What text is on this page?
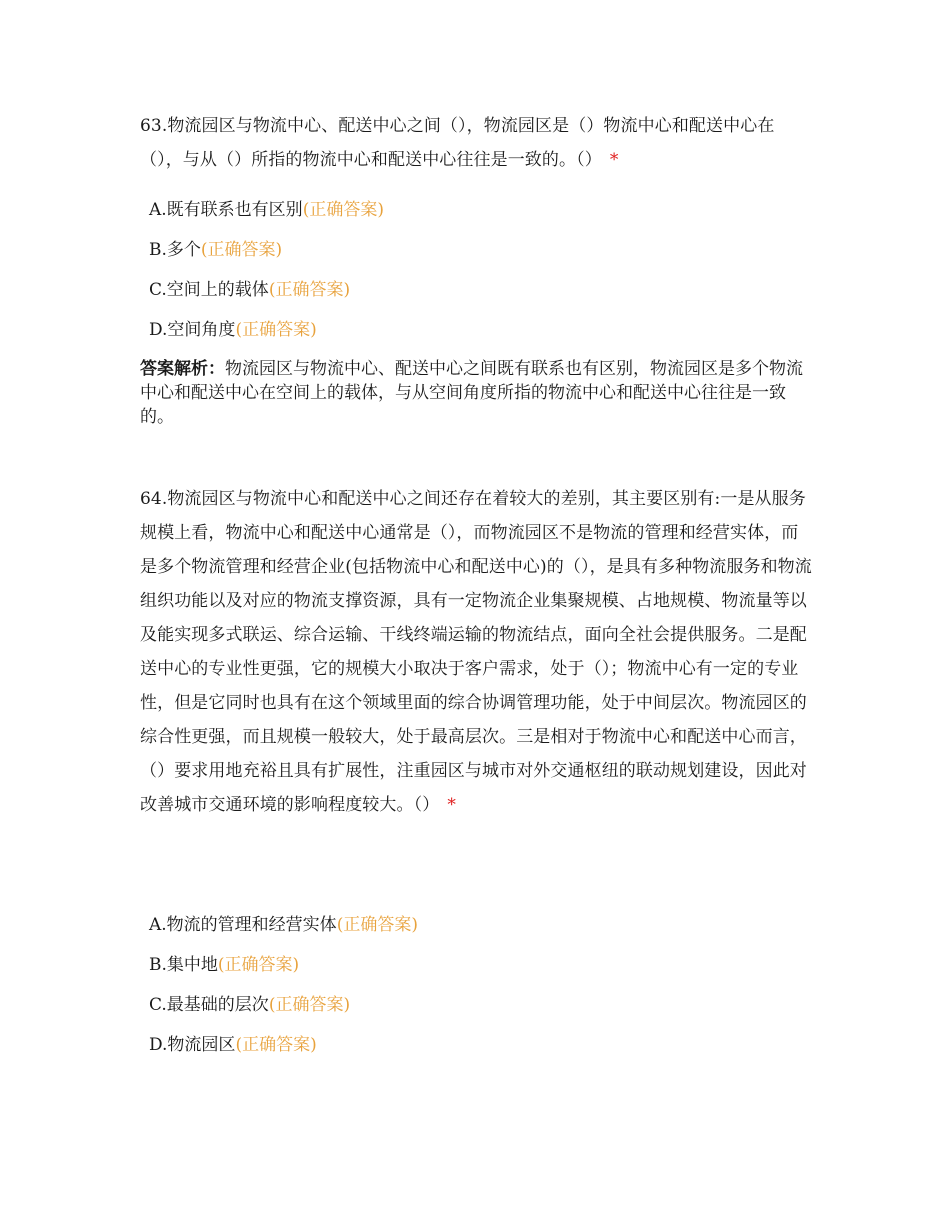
63.物流园区与物流中心、配送中心之间（），物流园区是（）物流中心和配送中心在（），与从（）所指的物流中心和配送中心往往是一致的。（） *
A.既有联系也有区别(正确答案)
B.多个(正确答案)
C.空间上的载体(正确答案)
D.空间角度(正确答案)
答案解析：物流园区与物流中心、配送中心之间既有联系也有区别，物流园区是多个物流中心和配送中心在空间上的载体，与从空间角度所指的物流中心和配送中心往往是一致的。
64.物流园区与物流中心和配送中心之间还存在着较大的差别，其主要区别有:一是从服务规模上看，物流中心和配送中心通常是（），而物流园区不是物流的管理和经营实体，而是多个物流管理和经营企业(包括物流中心和配送中心)的（），是具有多种物流服务和物流组织功能以及对应的物流支撑资源，具有一定物流企业集聚规模、占地规模、物流量等以及能实现多式联运、综合运输、干线终端运输的物流结点，面向全社会提供服务。二是配送中心的专业性更强，它的规模大小取决于客户需求，处于（）；物流中心有一定的专业性，但是它同时也具有在这个领域里面的综合协调管理功能，处于中间层次。物流园区的综合性更强，而且规模一般较大，处于最高层次。三是相对于物流中心和配送中心而言，（）要求用地充裕且具有扩展性，注重园区与城市对外交通枢纽的联动规划建设，因此对改善城市交通环境的影响程度较大。（） *
A.物流的管理和经营实体(正确答案)
B.集中地(正确答案)
C.最基础的层次(正确答案)
D.物流园区(正确答案)
